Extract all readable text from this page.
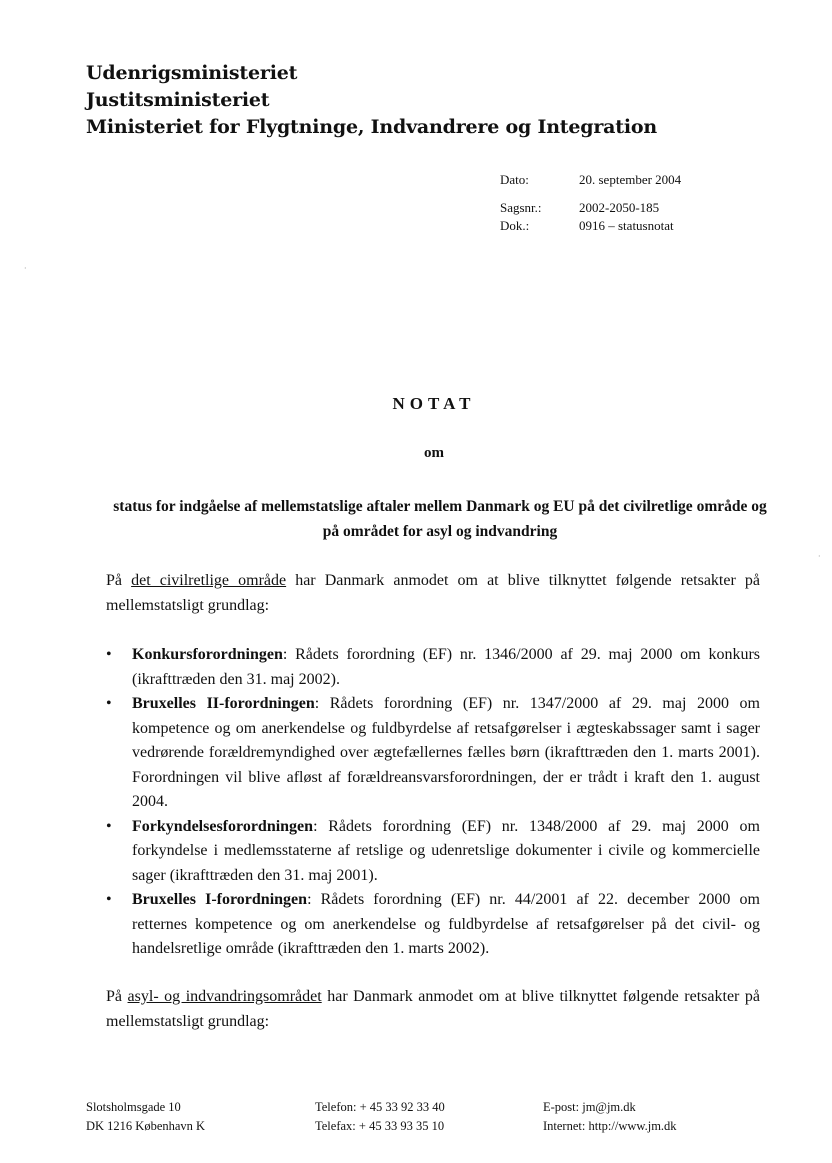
Udenrigsministeriet
Justitsministeriet
Ministeriet for Flygtninge, Indvandrere og Integration
Dato:	20. september 2004
Sagsnr.:	2002-2050-185
Dok.:	0916 – statusnotat
NOTAT
om
status for indgåelse af mellemstatslige aftaler mellem Danmark og EU på det civilretlige område og på området for asyl og indvandring
På det civilretlige område har Danmark anmodet om at blive tilknyttet følgende retsakter på mellemstatsligt grundlag:
• Konkursforordningen: Rådets forordning (EF) nr. 1346/2000 af 29. maj 2000 om konkurs (ikrafttræden den 31. maj 2002).
• Bruxelles II-forordningen: Rådets forordning (EF) nr. 1347/2000 af 29. maj 2000 om kompetence og om anerkendelse og fuldbyrdelse af retsafgørelser i ægteskabssager samt i sager vedrørende forældremyndighed over ægtefællernes fælles børn (ikrafttræden den 1. marts 2001). Forordningen vil blive afløst af forældreansvarsforordningen, der er trådt i kraft den 1. august 2004.
• Forkyndelsesforordningen: Rådets forordning (EF) nr. 1348/2000 af 29. maj 2000 om forkyndelse i medlemsstaterne af retslige og udenretslige dokumenter i civile og kommercielle sager (ikrafttræden den 31. maj 2001).
• Bruxelles I-forordningen: Rådets forordning (EF) nr. 44/2001 af 22. december 2000 om retternes kompetence og om anerkendelse og fuldbyrdelse af retsafgørelser på det civil- og handelsretlige område (ikrafttræden den 1. marts 2002).
På asyl- og indvandringsområdet har Danmark anmodet om at blive tilknyttet følgende retsakter på mellemstatsligt grundlag:
Slotsholmsgade 10
DK 1216 København K
Telefon: + 45 33 92 33 40
Telefax: + 45 33 93 35 10
E-post: jm@jm.dk
Internet: http://www.jm.dk
·
·
